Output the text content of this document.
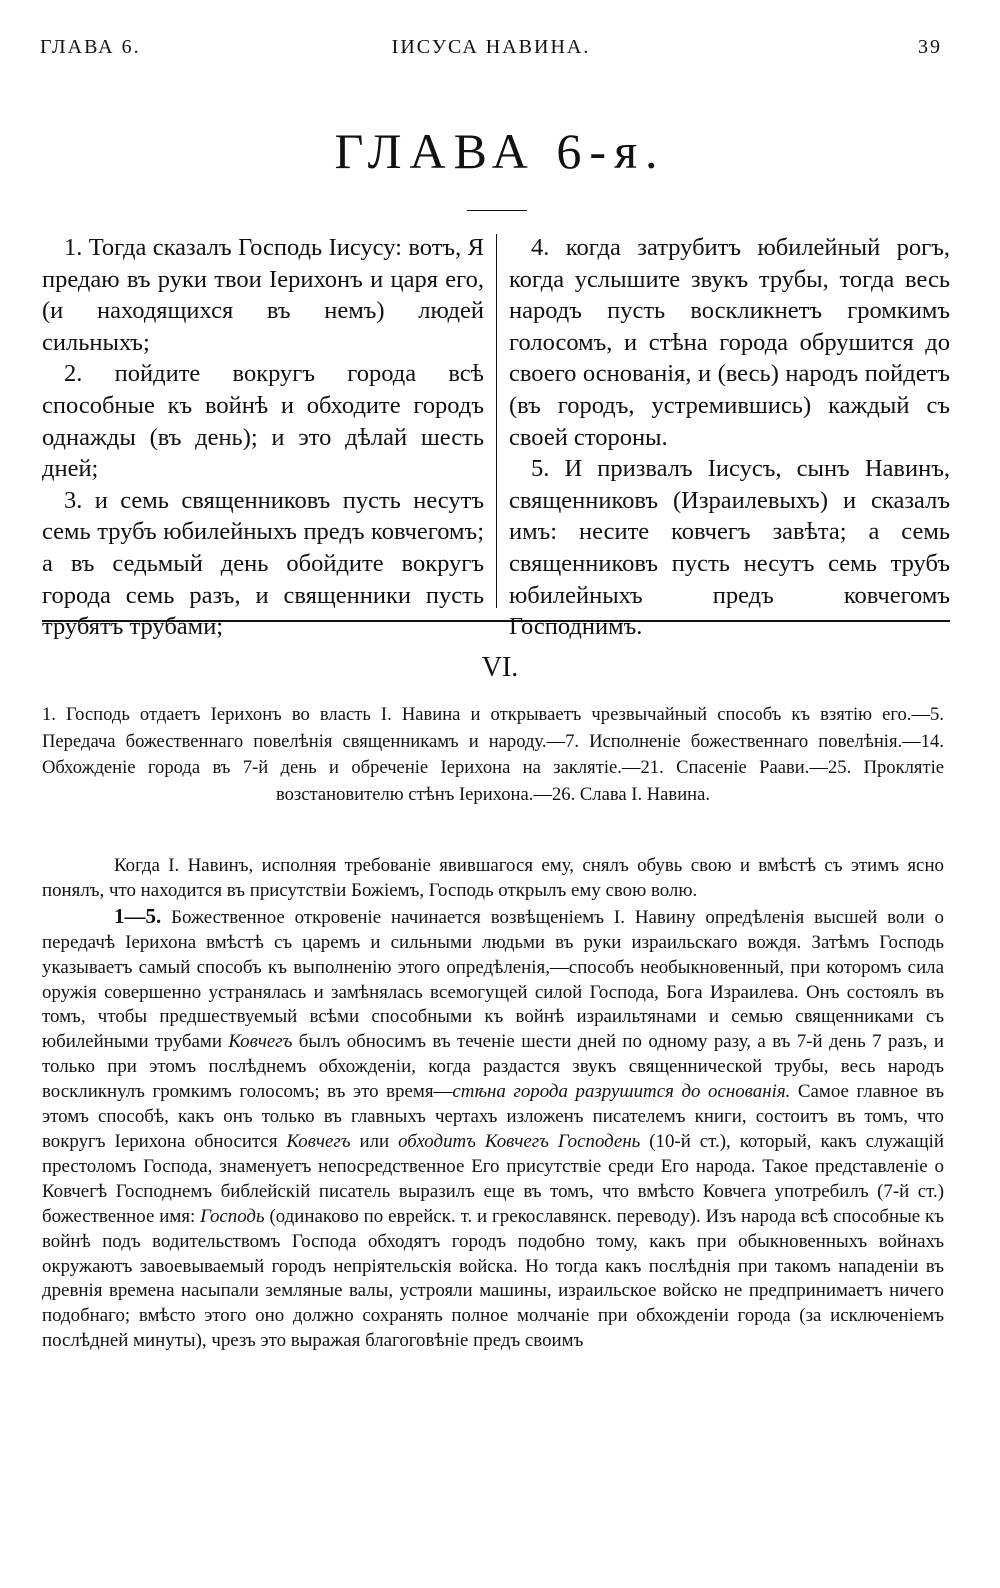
ГЛАВА 6.	ІИСУСА НАВИНА.	39
ГЛАВА 6-я.

1. Тогда сказалъ Господь Іисусу: вотъ, Я предаю въ руки твои Іерихонъ и царя его, (и находящихся въ немъ) людей сильныхъ;

2. пойдите вокругъ города всѣ способные къ войнѣ и обходите городъ однажды (въ день); и это дѣлай шесть дней;

3. и семь священниковъ пусть несутъ семь трубъ юбилейныхъ предъ ковчегомъ; а въ седьмый день обойдите вокругъ города семь разъ, и священники пусть трубятъ трубами;

4. когда затрубитъ юбилейный рогъ, когда услышите звукъ трубы, тогда весь народъ пусть воскликнетъ громкимъ голосомъ, и стѣна города обрушится до своего основанія, и (весь) народъ пойдетъ (въ городъ, устремившись) каждый съ своей стороны.

5. И призвалъ Іисусъ, сынъ Навинъ, священниковъ (Израилевыхъ) и сказалъ имъ: несите ковчегъ завѣта; а семь священниковъ пусть несутъ семь трубъ юбилейныхъ предъ ковчегомъ Господнимъ.

VI.
1. Господь отдаетъ Іерихонъ во власть І. Навина и открываетъ чрезвычайный способъ къ взятію его.—5. Передача божественнаго повелѣнія священникамъ и народу.—7. Исполненіе божественнаго повелѣнія.—14. Обхожденіе города въ 7-й день и обреченіе Іерихона на заклятіе.—21. Спасеніе Раави.—25. Проклятіе возстановителю стѣнъ Іерихона.—26. Слава І. Навина.

Когда І. Навинъ, исполняя требованіе явившагося ему, снялъ обувь свою и вмѣстѣ съ этимъ ясно понялъ, что находится въ присутствіи Божіемъ, Господь открылъ ему свою волю.

1—5. Божественное откровеніе начинается возвѣщеніемъ І. Навину опредѣленія высшей воли о передачѣ Іерихона вмѣстѣ съ царемъ и сильными людьми въ руки израильскаго вождя. Затѣмъ Господь указываетъ самый способъ къ выполненію этого опредѣленія,—способъ необыкновенный, при которомъ сила оружія совершенно устранялась и замѣнялась всемогущей силой Господа, Бога Израилева. Онъ состоялъ въ томъ, чтобы предшествуемый всѣми способными къ войнѣ израильтянами и семью священниками съ юбилейными трубами Ковчегъ былъ обносимъ въ теченіе шести дней по одному разу, а въ 7-й день 7 разъ, и только при этомъ послѣднемъ обхожденіи, когда раздастся звукъ священнической трубы, весь народъ воскликнулъ громкимъ голосомъ; въ это время—стѣна города разрушится до основанія. Самое главное въ этомъ способѣ, какъ онъ только въ главныхъ чертахъ изложенъ писателемъ книги, состоитъ въ томъ, что вокругъ Іерихона обносится Ковчегъ или обходитъ Ковчегъ Господень (10-й ст.), который, какъ служащій престоломъ Господа, знаменуетъ непосредственное Его присутствіе среди Его народа. Такое представленіе о Ковчегѣ Господнемъ библейскій писатель выразилъ еще въ томъ, что вмѣсто Ковчега употребилъ (7-й ст.) божественное имя: Господь (одинаково по еврейск. т. и грекославянск. переводу). Изъ народа всѣ способные къ войнѣ подъ водительствомъ Господа обходятъ городъ подобно тому, какъ при обыкновенныхъ войнахъ окружаютъ завоевываемый городъ непріятельскія войска. Но тогда какъ послѣднія при такомъ нападеніи въ древнія времена насыпали земляные валы, устрояли машины, израильское войско не предпринимаетъ ничего подобнаго; вмѣсто этого оно должно сохранять полное молчаніе при обхожденіи города (за исключеніемъ послѣдней минуты), чрезъ это выражая благоговѣніе предъ своимъ
